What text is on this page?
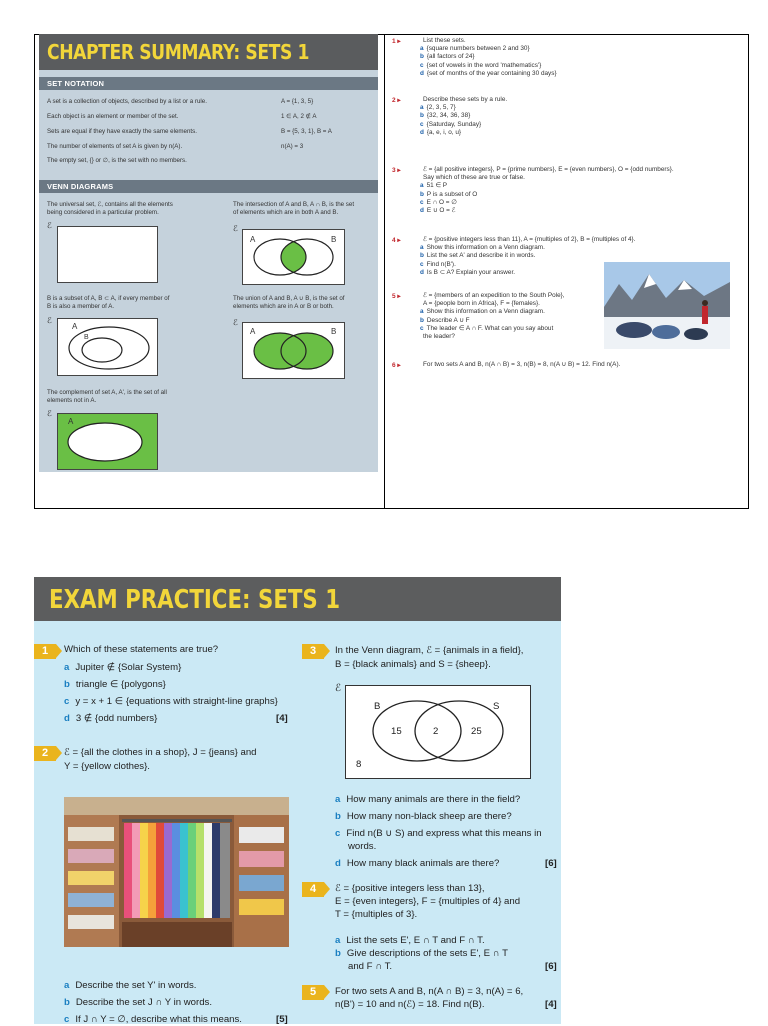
CHAPTER SUMMARY: SETS 1
SET NOTATION
A set is a collection of objects, described by a list or a rule.	A = {1, 3, 5}
Each object is an element or member of the set.	1 ∈ A, 2 ∉ A
Sets are equal if they have exactly the same elements.	B = {5, 3, 1}, B = A
The number of elements of set A is given by n(A).	n(A) = 3
The empty set, {} or ∅, is the set with no members.
VENN DIAGRAMS
The universal set, ℰ, contains all the elements
being considered in a particular problem.
The intersection of A and B, A ∩ B, is the set
of elements which are in both A and B.
ℰ	ℰ
A	B
B is a subset of A, B ⊂ A, if every member of
B is also a member of A.
The union of A and B, A ∪ B, is the set of
elements which are in A or B or both.
ℰ
A
B
ℰ
A	B
The complement of set A, A', is the set of all
elements not in A.
ℰ
A
1 ▸	List these sets.
a {square numbers between 2 and 30}
b {all factors of 24}
c {set of vowels in the word 'mathematics'}
d {set of months of the year containing 30 days}
2 ▸	Describe these sets by a rule.
a {2, 3, 5, 7}
b {32, 34, 36, 38}
c {Saturday, Sunday}
d {a, e, i, o, u}
3 ▸	ℰ = {all positive integers}, P = {prime numbers}, E = {even numbers}, O = {odd numbers}.
Say which of these are true or false.
a 51 ∈ P
b P is a subset of O
c E ∩ O = ∅
d E ∪ O = ℰ
4 ▸	ℰ = {positive integers less than 11}, A = {multiples of 2}, B = {multiples of 4}.
a Show this information on a Venn diagram.
b List the set A' and describe it in words.
c Find n(B').
d Is B ⊂ A? Explain your answer.
5 ▸	ℰ = {members of an expedition to the South Pole},
A = {people born in Africa}, F = {females}.
a Show this information on a Venn diagram.
b Describe A ∪ F
c The leader ∈ A ∩ F. What can you say about
the leader?
6 ▸	For two sets A and B, n(A ∩ B) = 3, n(B) = 8, n(A ∪ B) = 12. Find n(A).
EXAM PRACTICE: SETS 1
1	Which of these statements are true?
a Jupiter ∉ {Solar System}
b triangle ∈ {polygons}
c y = x + 1 ∈ {equations with straight-line graphs}
d 3 ∉ {odd numbers}	[4]
2	ℰ = {all the clothes in a shop}, J = {jeans} and
Y = {yellow clothes}.
a Describe the set Y' in words.
b Describe the set J ∩ Y in words.
c If J ∩ Y = ∅, describe what this means.	[5]
3	In the Venn diagram, ℰ = {animals in a field},
B = {black animals} and S = {sheep}.
ℰ
B	S
15	2	25
8
a How many animals are there in the field?
b How many non-black sheep are there?
c Find n(B ∪ S) and express what this means in
words.
d How many black animals are there?	[6]
4	ℰ = {positive integers less than 13},
E = {even integers}, F = {multiples of 4} and
T = {multiples of 3}.
a List the sets E', E ∩ T and F ∩ T.
b Give descriptions of the sets E', E ∩ T
and F ∩ T.	[6]
5	For two sets A and B, n(A ∩ B) = 3, n(A) = 6,
n(B') = 10 and n(ℰ) = 18. Find n(B).	[4]
